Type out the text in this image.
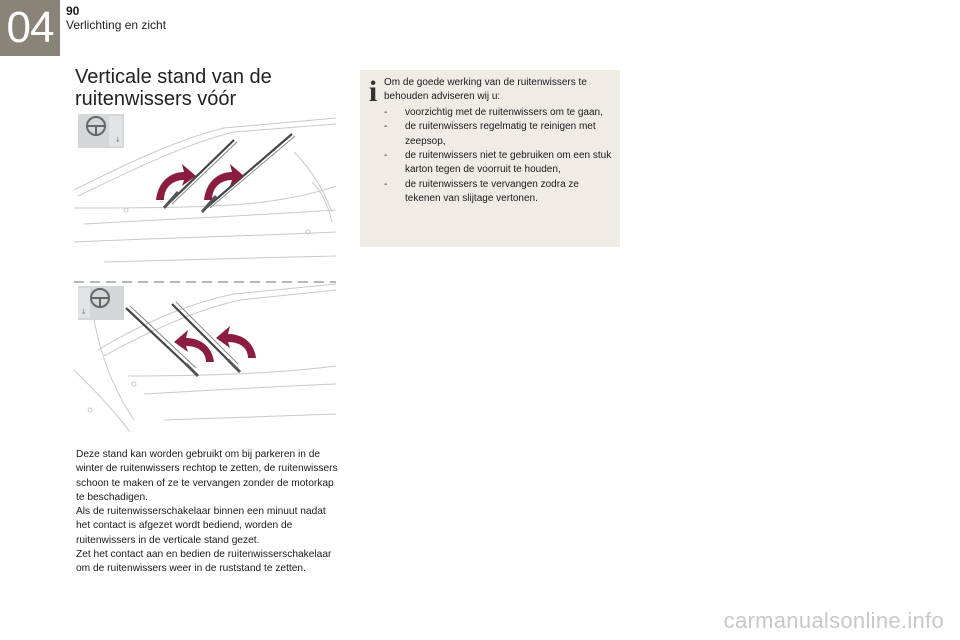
04	90
Verlichting en zicht
Verticale stand van de
ruitenwissers vóór
↓
↓

Deze stand kan worden gebruikt om bij parkeren in de winter de ruitenwissers rechtop te zetten, de ruitenwissers schoon te maken of ze te vervangen zonder de motorkap te beschadigen.

Als de ruitenwisserschakelaar binnen een minuut nadat het contact is afgezet wordt bediend, worden de ruitenwissers in de verticale stand gezet.

Zet het contact aan en bedien de ruitenwisserschakelaar om de ruitenwissers weer in de ruststand te zetten.

i Om de goede werking van de ruitenwissers te behouden adviseren wij u:

- voorzichtig met de ruitenwissers om te gaan,
- de ruitenwissers regelmatig te reinigen met zeepsop,
- de ruitenwissers niet te gebruiken om een stuk karton tegen de voorruit te houden,
- de ruitenwissers te vervangen zodra ze tekenen van slijtage vertonen.
carmanualsonline.info
